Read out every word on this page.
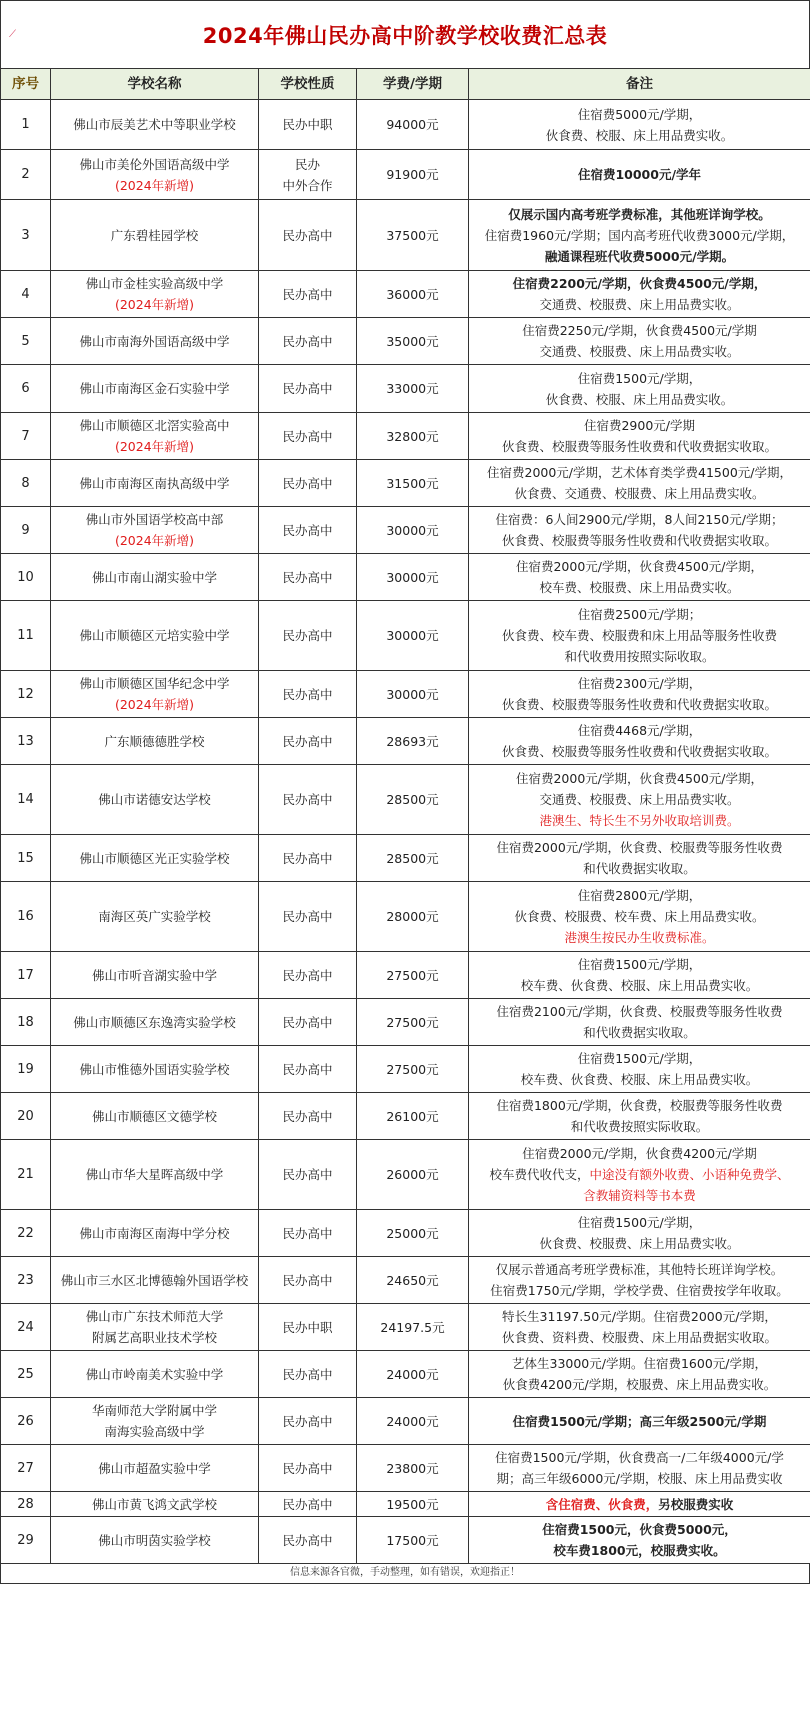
⟋	2024年佛山民办高中阶教学校收费汇总表
序号	学校名称	学校性质	学费/学期	备注
1	佛山市辰美艺术中等职业学校	民办中职	94000元	住宿费5000元/学期，
伙食费、校服、床上用品费实收。

2	佛山市美伦外国语高级中学
(2024年新增)	民办
中外合作	91900元	住宿费10000元/学年

3	广东碧桂园学校	民办高中	37500元	仅展示国内高考班学费标准，其他班详询学校。
住宿费1960元/学期；国内高考班代收费3000元/学期，
融通课程班代收费5000元/学期。

4	佛山市金桂实验高级中学
(2024年新增)	民办高中	36000元	住宿费2200元/学期，伙食费4500元/学期，
交通费、校服费、床上用品费实收。

5	佛山市南海外国语高级中学	民办高中	35000元	住宿费2250元/学期，伙食费4500元/学期
交通费、校服费、床上用品费实收。

6	佛山市南海区金石实验中学	民办高中	33000元	住宿费1500元/学期，
伙食费、校服、床上用品费实收。

7	佛山市顺德区北滘实验高中
(2024年新增)	民办高中	32800元	住宿费2900元/学期
伙食费、校服费等服务性收费和代收费据实收取。

8	佛山市南海区南执高级中学	民办高中	31500元	住宿费2000元/学期，艺术体育类学费41500元/学期，
伙食费、交通费、校服费、床上用品费实收。

9	佛山市外国语学校高中部
(2024年新增)	民办高中	30000元	住宿费：6人间2900元/学期，8人间2150元/学期；
伙食费、校服费等服务性收费和代收费据实收取。

10	佛山市南山湖实验中学	民办高中	30000元	住宿费2000元/学期，伙食费4500元/学期，
校车费、校服费、床上用品费实收。

11	佛山市顺德区元培实验中学	民办高中	30000元	住宿费2500元/学期；
伙食费、校车费、校服费和床上用品等服务性收费
和代收费用按照实际收取。

12	佛山市顺德区国华纪念中学
(2024年新增)	民办高中	30000元	住宿费2300元/学期，
伙食费、校服费等服务性收费和代收费据实收取。

13	广东顺德德胜学校	民办高中	28693元	住宿费4468元/学期，
伙食费、校服费等服务性收费和代收费据实收取。

14	佛山市诺德安达学校	民办高中	28500元	住宿费2000元/学期，伙食费4500元/学期，
交通费、校服费、床上用品费实收。
港澳生、特长生不另外收取培训费。

15	佛山市顺德区光正实验学校	民办高中	28500元	住宿费2000元/学期，伙食费、校服费等服务性收费
和代收费据实收取。

16	南海区英广实验学校	民办高中	28000元	住宿费2800元/学期，
伙食费、校服费、校车费、床上用品费实收。
港澳生按民办生收费标准。

17	佛山市听音湖实验中学	民办高中	27500元	住宿费1500元/学期，
校车费、伙食费、校服、床上用品费实收。

18	佛山市顺德区东逸湾实验学校	民办高中	27500元	住宿费2100元/学期，伙食费、校服费等服务性收费
和代收费据实收取。

19	佛山市惟德外国语实验学校	民办高中	27500元	住宿费1500元/学期，
校车费、伙食费、校服、床上用品费实收。

20	佛山市顺德区文德学校	民办高中	26100元	住宿费1800元/学期，伙食费，校服费等服务性收费
和代收费按照实际收取。

21	佛山市华大星晖高级中学	民办高中	26000元	住宿费2000元/学期，伙食费4200元/学期
校车费代收代支，中途没有额外收费、小语种免费学、
含教辅资料等书本费

22	佛山市南海区南海中学分校	民办高中	25000元	住宿费1500元/学期，
伙食费、校服费、床上用品费实收。

23	佛山市三水区北博德翰外国语学校	民办高中	24650元	仅展示普通高考班学费标准，其他特长班详询学校。
住宿费1750元/学期，学校学费、住宿费按学年收取。

24	佛山市广东技术师范大学
附属艺高职业技术学校	民办中职	24197.5元	特长生31197.50元/学期。住宿费2000元/学期，
伙食费、资料费、校服费、床上用品费据实收取。

25	佛山市岭南美术实验中学	民办高中	24000元	艺体生33000元/学期。住宿费1600元/学期，
伙食费4200元/学期，校服费、床上用品费实收。

26	华南师范大学附属中学
南海实验高级中学	民办高中	24000元	住宿费1500元/学期；高三年级2500元/学期

27	佛山市超盈实验中学	民办高中	23800元	住宿费1500元/学期，伙食费高一/二年级4000元/学
期；高三年级6000元/学期，校服、床上用品费实收

28	佛山市黄飞鸿文武学校	民办高中	19500元	含住宿费、伙食费，另校服费实收

29	佛山市明茵实验学校	民办高中	17500元	住宿费1500元，伙食费5000元，
校车费1800元，校服费实收。
信息来源各官微，手动整理，如有错误，欢迎指正！
